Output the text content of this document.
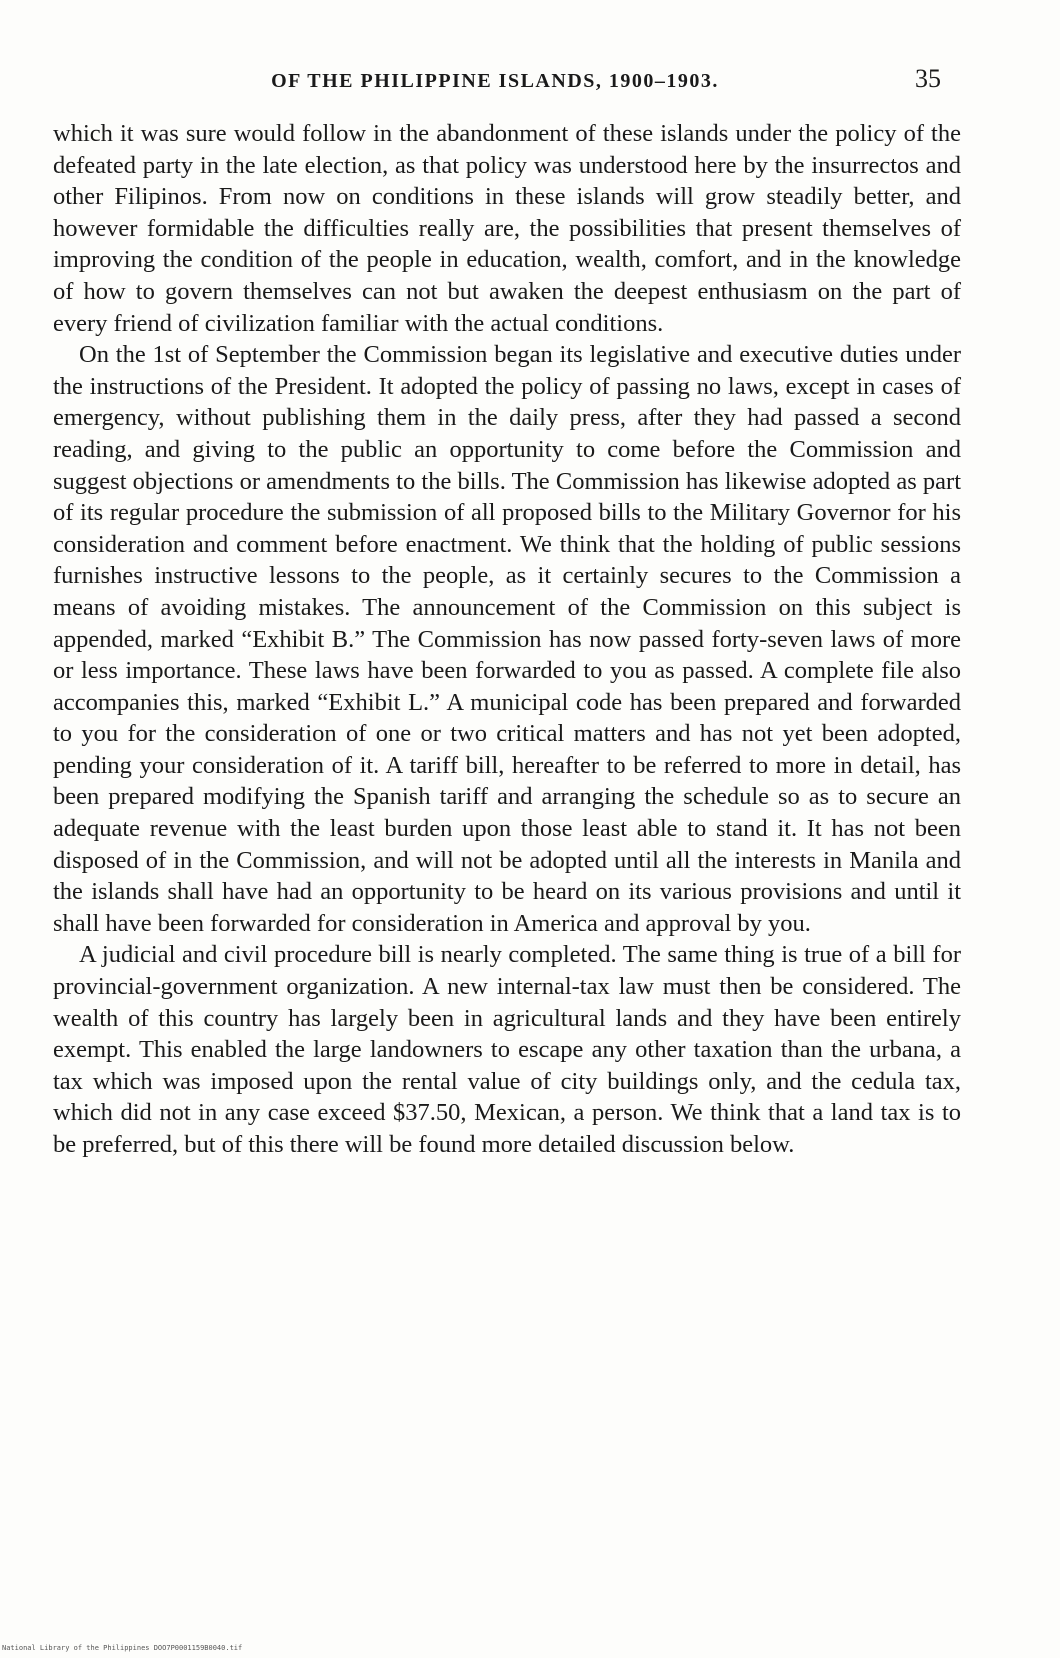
OF THE PHILIPPINE ISLANDS, 1900–1903.	35

which it was sure would follow in the abandonment of these islands under the policy of the defeated party in the late election, as that policy was understood here by the insurrectos and other Filipinos. From now on conditions in these islands will grow steadily better, and however formidable the difficulties really are, the possibilities that present themselves of improving the condition of the people in education, wealth, comfort, and in the knowledge of how to govern themselves can not but awaken the deepest enthusiasm on the part of every friend of civilization familiar with the actual conditions.

On the 1st of September the Commission began its legislative and executive duties under the instructions of the President. It adopted the policy of passing no laws, except in cases of emergency, without publishing them in the daily press, after they had passed a second reading, and giving to the public an opportunity to come before the Commission and suggest objections or amendments to the bills. The Commission has likewise adopted as part of its regular procedure the submission of all proposed bills to the Military Governor for his consideration and comment before enactment. We think that the holding of public sessions furnishes instructive lessons to the people, as it certainly secures to the Commission a means of avoiding mistakes. The announcement of the Commission on this subject is appended, marked “Exhibit B.” The Commission has now passed forty-seven laws of more or less importance. These laws have been forwarded to you as passed. A complete file also accompanies this, marked “Exhibit L.” A municipal code has been prepared and forwarded to you for the consideration of one or two critical matters and has not yet been adopted, pending your consideration of it. A tariff bill, hereafter to be referred to more in detail, has been prepared modifying the Spanish tariff and arranging the schedule so as to secure an adequate revenue with the least burden upon those least able to stand it. It has not been disposed of in the Commission, and will not be adopted until all the interests in Manila and the islands shall have had an opportunity to be heard on its various provisions and until it shall have been forwarded for consideration in America and approval by you.

A judicial and civil procedure bill is nearly completed. The same thing is true of a bill for provincial-government organization. A new internal-tax law must then be considered. The wealth of this country has largely been in agricultural lands and they have been entirely exempt. This enabled the large landowners to escape any other taxation than the urbana, a tax which was imposed upon the rental value of city buildings only, and the cedula tax, which did not in any case exceed $37.50, Mexican, a person. We think that a land tax is to be preferred, but of this there will be found more detailed discussion below.

National Library of the Philippines DOO7P0001159B0040.tif
